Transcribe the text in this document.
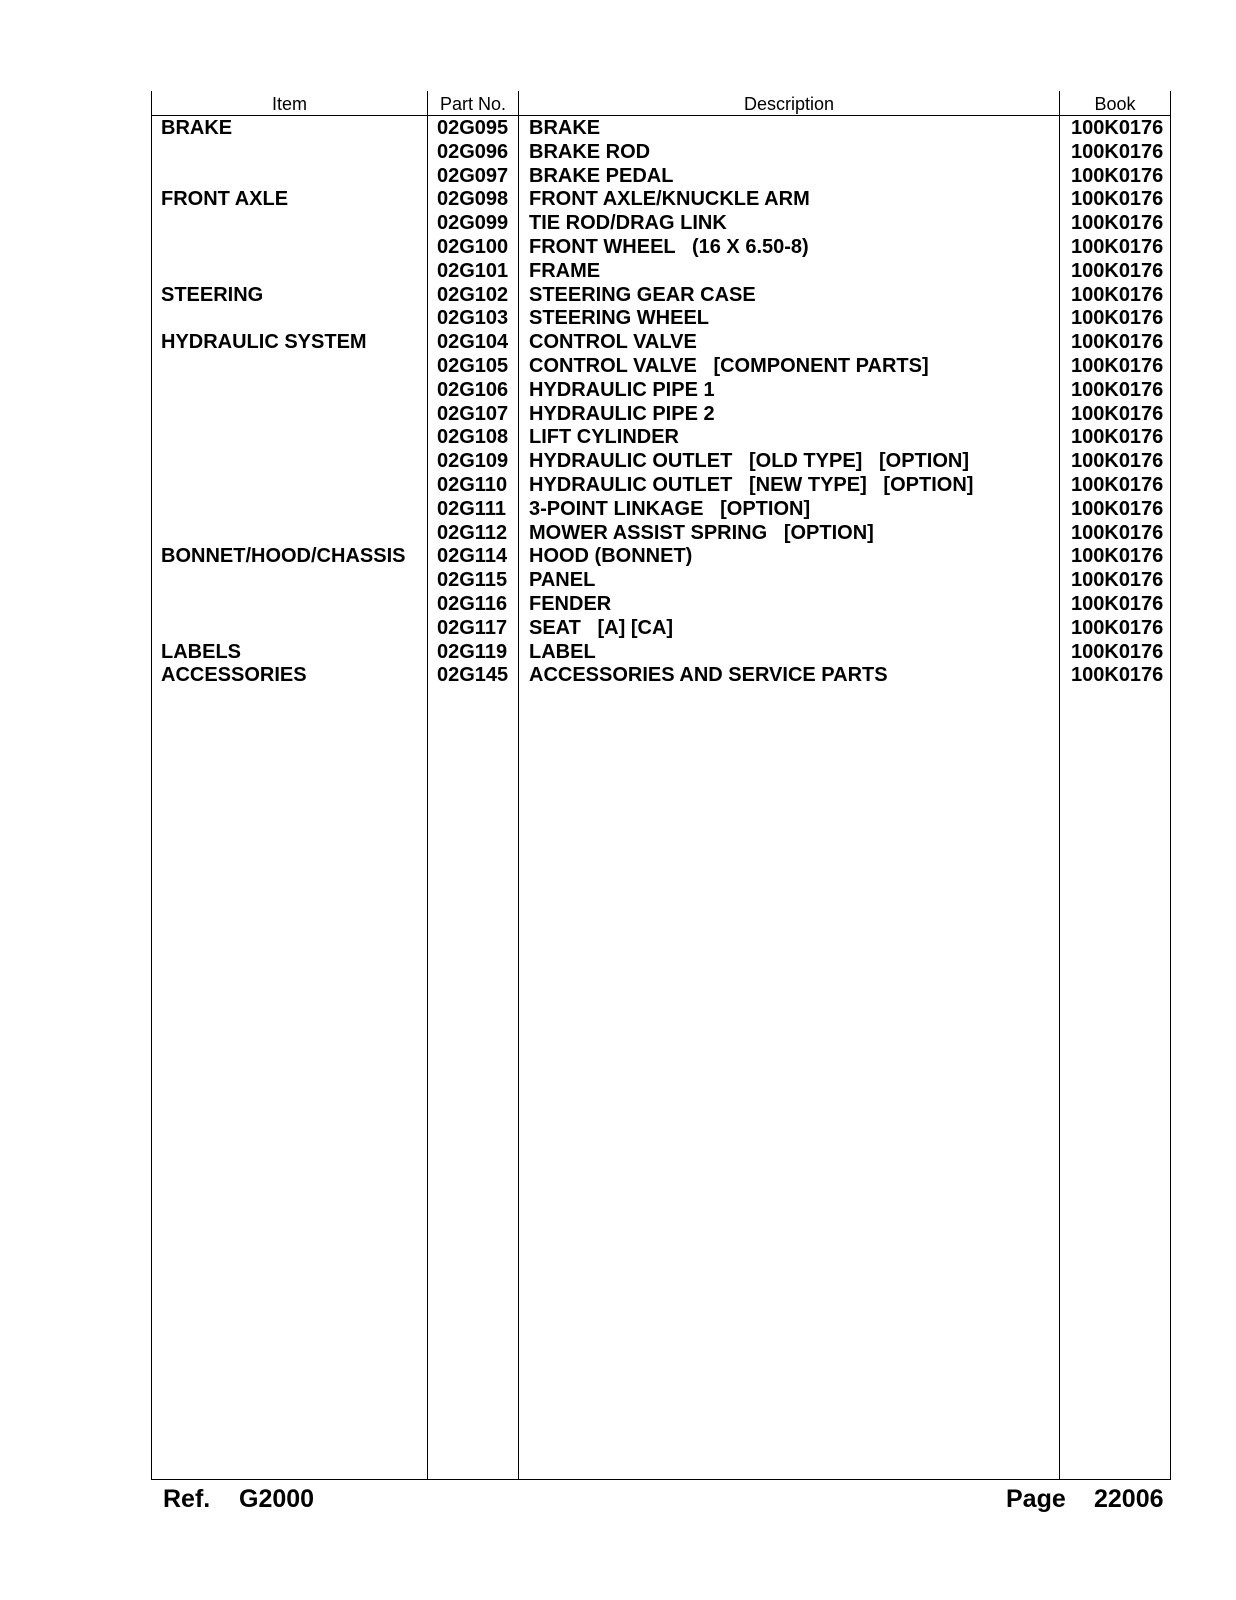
Item	Part No.	Description	Book
BRAKE	02G095 BRAKE	100K0176
02G096 BRAKE ROD	100K0176
02G097 BRAKE PEDAL	100K0176
FRONT AXLE	02G098 FRONT AXLE/KNUCKLE ARM	100K0176
02G099 TIE ROD/DRAG LINK	100K0176
02G100 FRONT WHEEL   (16 X 6.50-8)	100K0176
02G101 FRAME	100K0176
STEERING	02G102 STEERING GEAR CASE	100K0176
02G103 STEERING WHEEL	100K0176
HYDRAULIC SYSTEM	02G104 CONTROL VALVE	100K0176
02G105 CONTROL VALVE   [COMPONENT PARTS]	100K0176
02G106 HYDRAULIC PIPE 1	100K0176
02G107 HYDRAULIC PIPE 2	100K0176
02G108 LIFT CYLINDER	100K0176
02G109 HYDRAULIC OUTLET   [OLD TYPE]   [OPTION]	100K0176
02G110 HYDRAULIC OUTLET   [NEW TYPE]   [OPTION]	100K0176
02G111 3-POINT LINKAGE   [OPTION]	100K0176
02G112 MOWER ASSIST SPRING   [OPTION]	100K0176
BONNET/HOOD/CHASSIS 02G114 HOOD (BONNET)	100K0176
02G115 PANEL	100K0176
02G116 FENDER	100K0176
02G117 SEAT   [A] [CA]	100K0176
LABELS	02G119 LABEL	100K0176
ACCESSORIES	02G145 ACCESSORIES AND SERVICE PARTS	100K0176
Ref. G2000	Page 22006
